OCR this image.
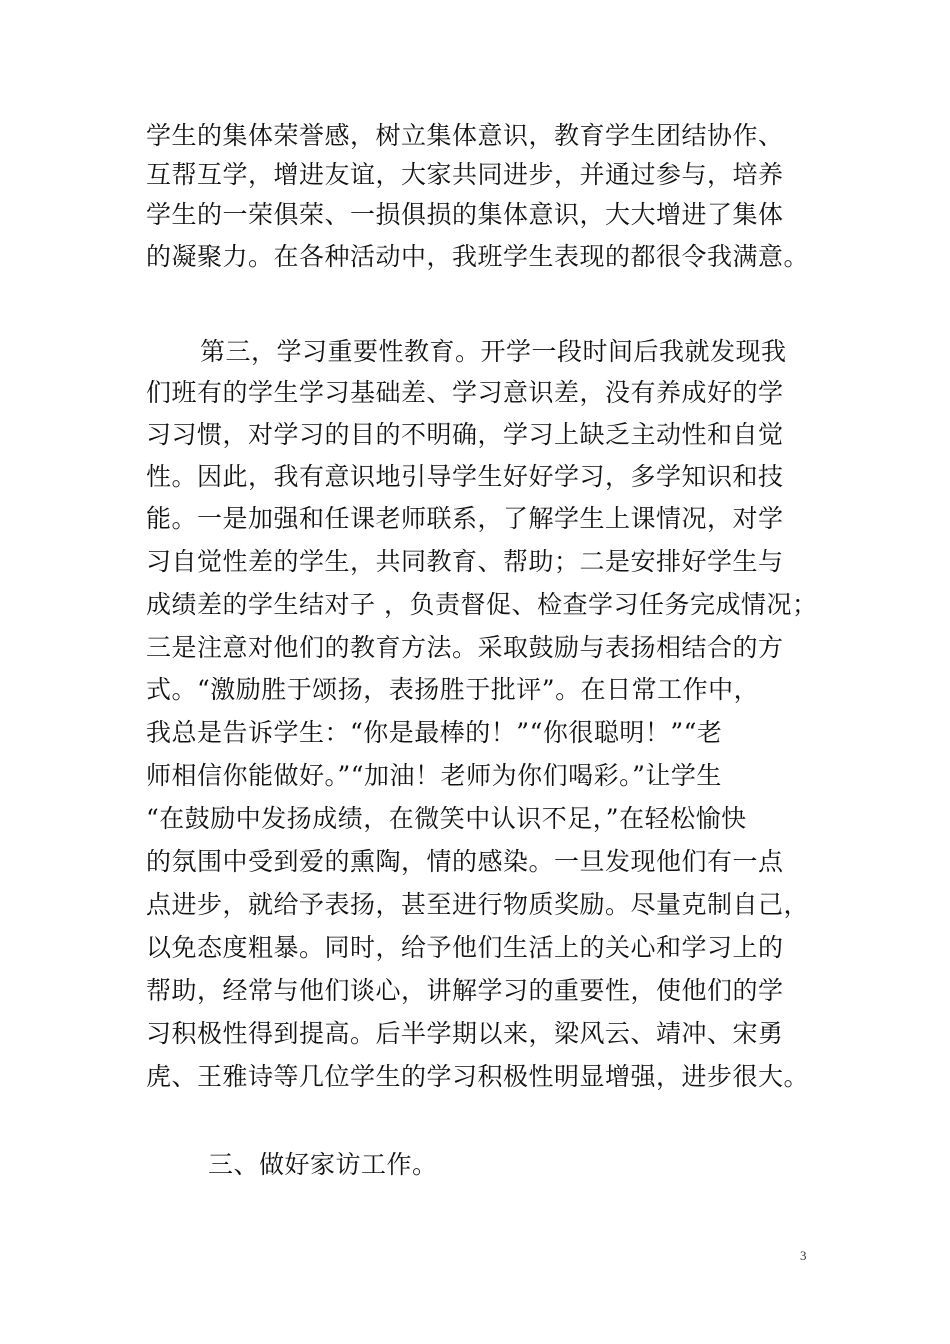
学生的集体荣誉感，树立集体意识，教育学生团结协作、
互帮互学，增进友谊，大家共同进步，并通过参与，培养
学生的一荣俱荣、一损俱损的集体意识，大大增进了集体
的凝聚力。在各种活动中，我班学生表现的都很令我满意。
第三，学习重要性教育。开学一段时间后我就发现我
们班有的学生学习基础差、学习意识差，没有养成好的学
习习惯，对学习的目的不明确，学习上缺乏主动性和自觉
性。因此，我有意识地引导学生好好学习，多学知识和技
能。一是加强和任课老师联系，了解学生上课情况，对学
习自觉性差的学生，共同教育、帮助；二是安排好学生与
成绩差的学生结对子 ，负责督促、检查学习任务完成情况；
三是注意对他们的教育方法。采取鼓励与表扬相结合的方
式。“激励胜于颂扬，表扬胜于批评”。在日常工作中，
我总是告诉学生：“你是最棒的！”“你很聪明！”“老
师相信你能做好。”“加油！老师为你们喝彩。”让学生
“在鼓励中发扬成绩，在微笑中认识不足，”在轻松愉快
的氛围中受到爱的熏陶，情的感染。一旦发现他们有一点
点进步，就给予表扬，甚至进行物质奖励。尽量克制自己，
以免态度粗暴。同时，给予他们生活上的关心和学习上的
帮助，经常与他们谈心，讲解学习的重要性，使他们的学
习积极性得到提高。后半学期以来，梁风云、靖冲、宋勇
虎、王雅诗等几位学生的学习积极性明显增强，进步很大。
三、做好家访工作。
3
